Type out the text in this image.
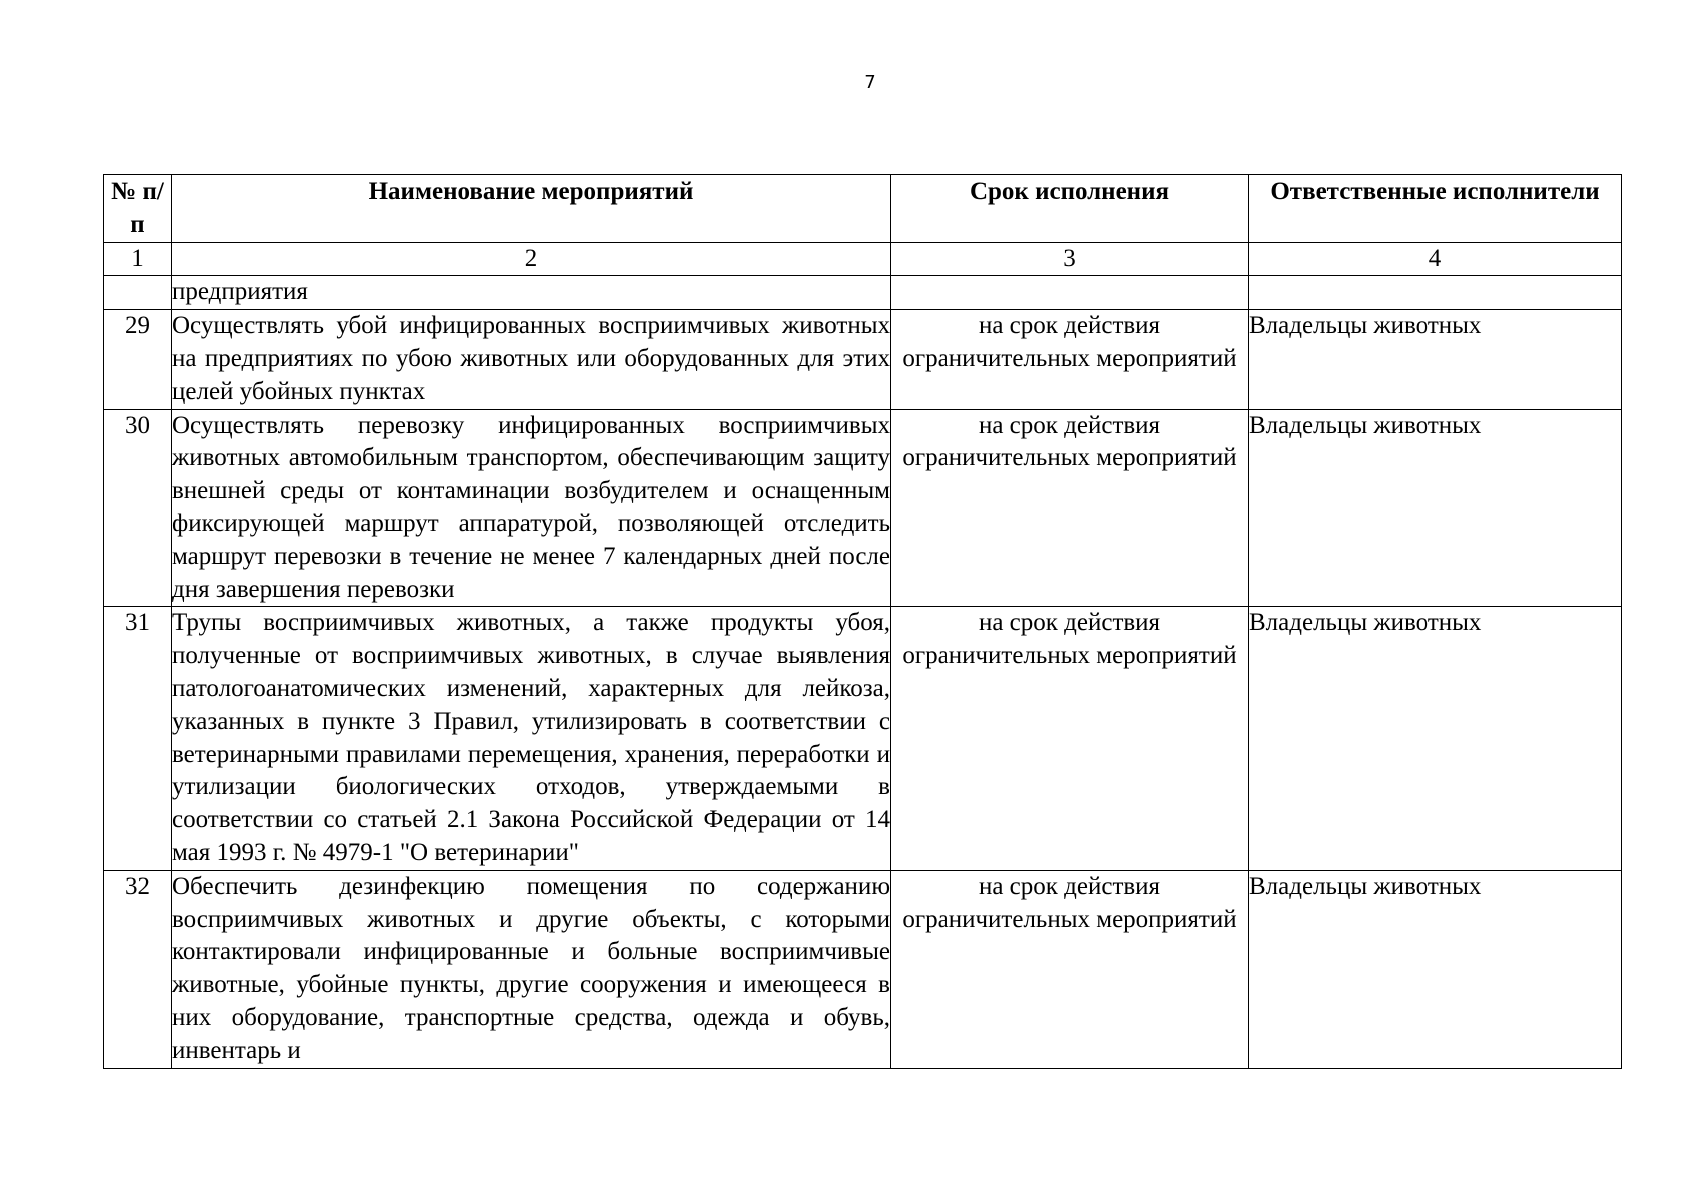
7
№ п/п	Наименование мероприятий	Срок исполнения	Ответственные исполнители
1	2	3	4
	предприятия		
29	Осуществлять убой инфицированных восприимчивых животных на предприятиях по убою животных или оборудованных для этих целей убойных пунктах	на срок действия ограничительных мероприятий	Владельцы животных
30	Осуществлять перевозку инфицированных восприимчивых животных автомобильным транспортом, обеспечивающим защиту внешней среды от контаминации возбудителем и оснащенным фиксирующей маршрут аппаратурой, позволяющей отследить маршрут перевозки в течение не менее 7 календарных дней после дня завершения перевозки	на срок действия ограничительных мероприятий	Владельцы животных
31	Трупы восприимчивых животных, а также продукты убоя, полученные от восприимчивых животных, в случае выявления патологоанатомических изменений, характерных для лейкоза, указанных в пункте 3 Правил, утилизировать в соответствии с ветеринарными правилами перемещения, хранения, переработки и утилизации биологических отходов, утверждаемыми в соответствии со статьей 2.1 Закона Российской Федерации от 14 мая 1993 г. № 4979-1 "О ветеринарии"	на срок действия ограничительных мероприятий	Владельцы животных
32	Обеспечить дезинфекцию помещения по содержанию восприимчивых животных и другие объекты, с которыми контактировали инфицированные и больные восприимчивые животные, убойные пункты, другие сооружения и имеющееся в них оборудование, транспортные средства, одежда и обувь, инвентарь и	на срок действия ограничительных мероприятий	Владельцы животных
